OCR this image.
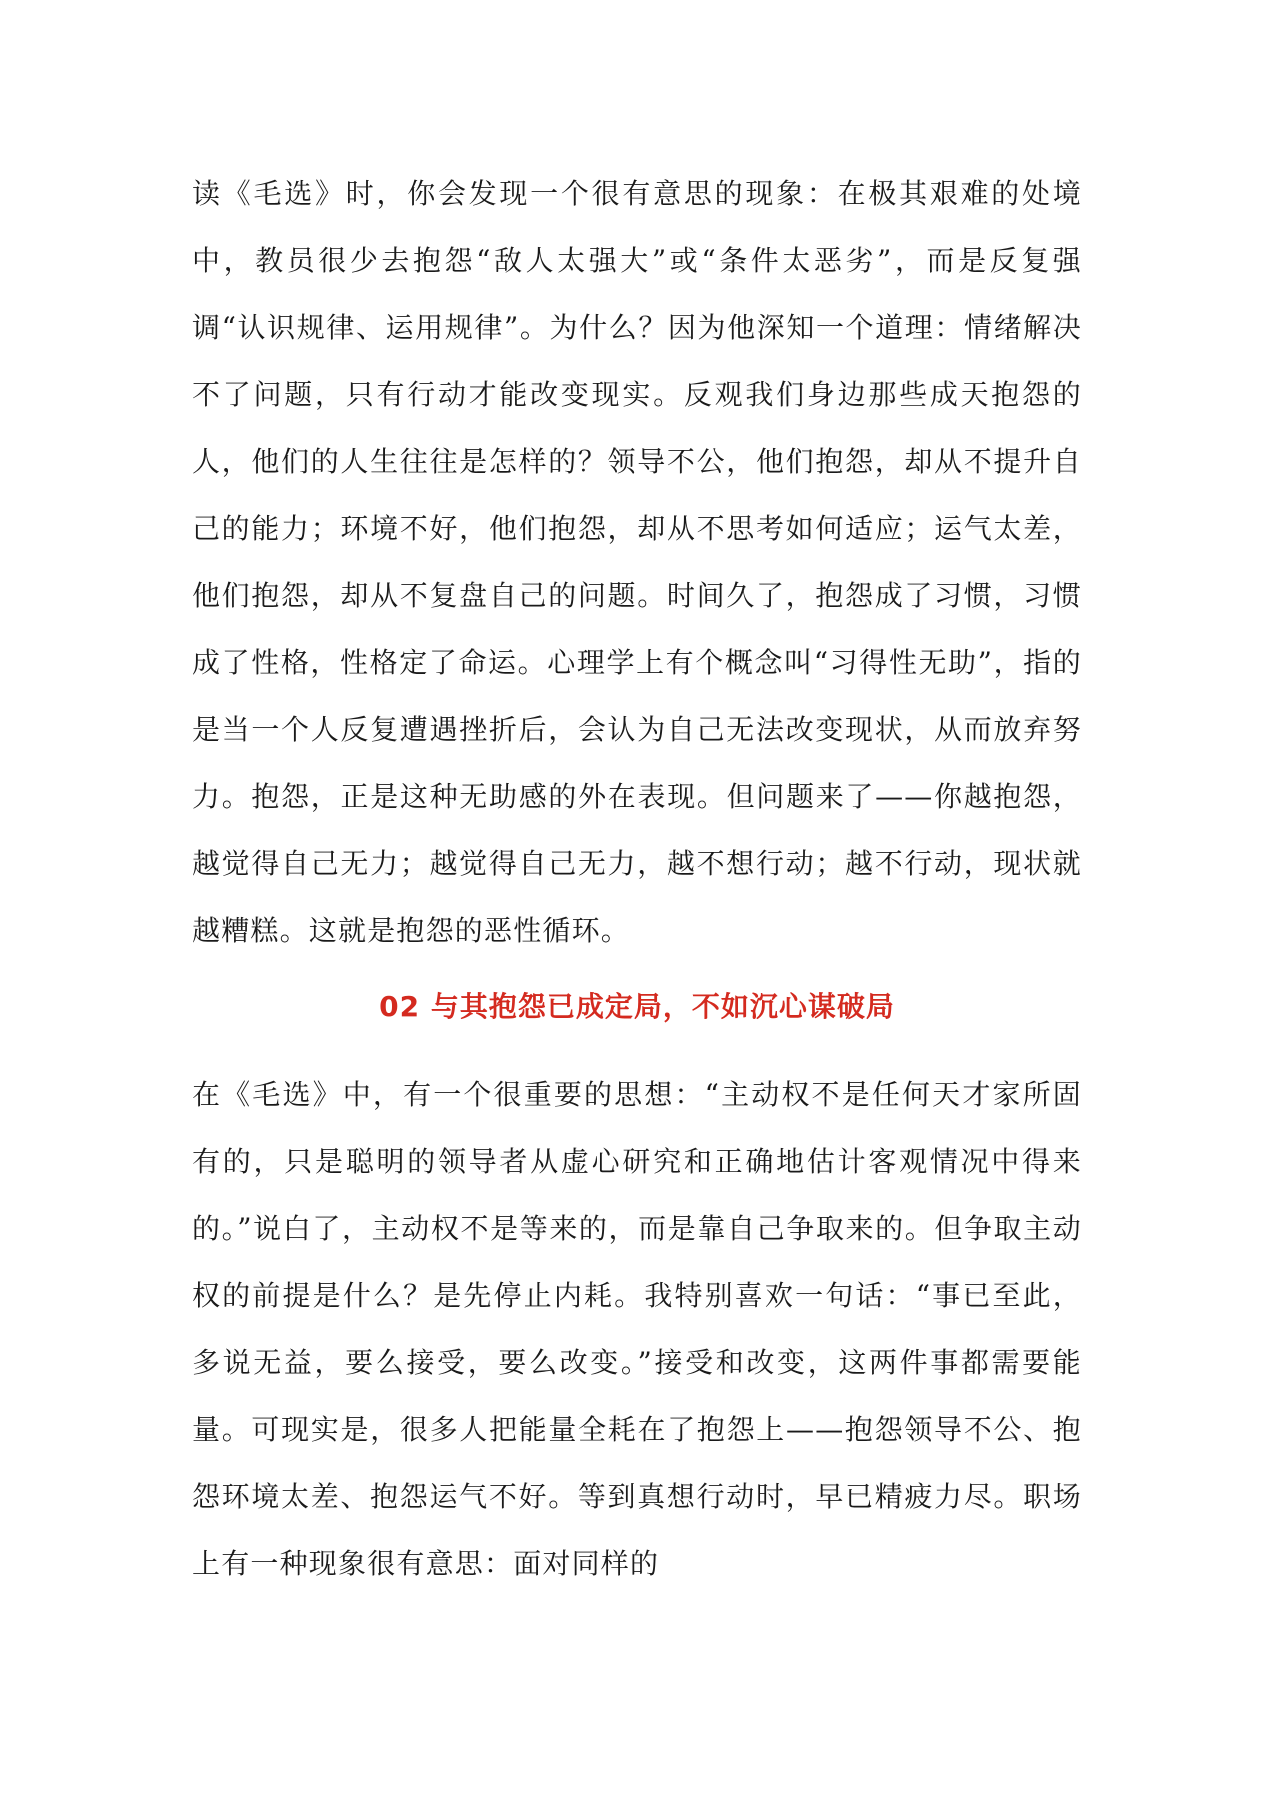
读《毛选》时，你会发现一个很有意思的现象：在极其艰难的处境中，教员很少去抱怨“敌人太强大”或“条件太恶劣”，而是反复强调“认识规律、运用规律”。为什么？因为他深知一个道理：情绪解决不了问题，只有行动才能改变现实。反观我们身边那些成天抱怨的人，他们的人生往往是怎样的？领导不公，他们抱怨，却从不提升自己的能力；环境不好，他们抱怨，却从不思考如何适应；运气太差，他们抱怨，却从不复盘自己的问题。时间久了，抱怨成了习惯，习惯成了性格，性格定了命运。心理学上有个概念叫“习得性无助”，指的是当一个人反复遭遇挫折后，会认为自己无法改变现状，从而放弃努力。抱怨，正是这种无助感的外在表现。但问题来了——你越抱怨，越觉得自己无力；越觉得自己无力，越不想行动；越不行动，现状就越糟糕。这就是抱怨的恶性循环。

02 与其抱怨已成定局，不如沉心谋破局

在《毛选》中，有一个很重要的思想：“主动权不是任何天才家所固有的，只是聪明的领导者从虚心研究和正确地估计客观情况中得来的。”说白了，主动权不是等来的，而是靠自己争取来的。但争取主动权的前提是什么？是先停止内耗。我特别喜欢一句话：“事已至此，多说无益，要么接受，要么改变。”接受和改变，这两件事都需要能量。可现实是，很多人把能量全耗在了抱怨上——抱怨领导不公、抱怨环境太差、抱怨运气不好。等到真想行动时，早已精疲力尽。职场上有一种现象很有意思：面对同样的
